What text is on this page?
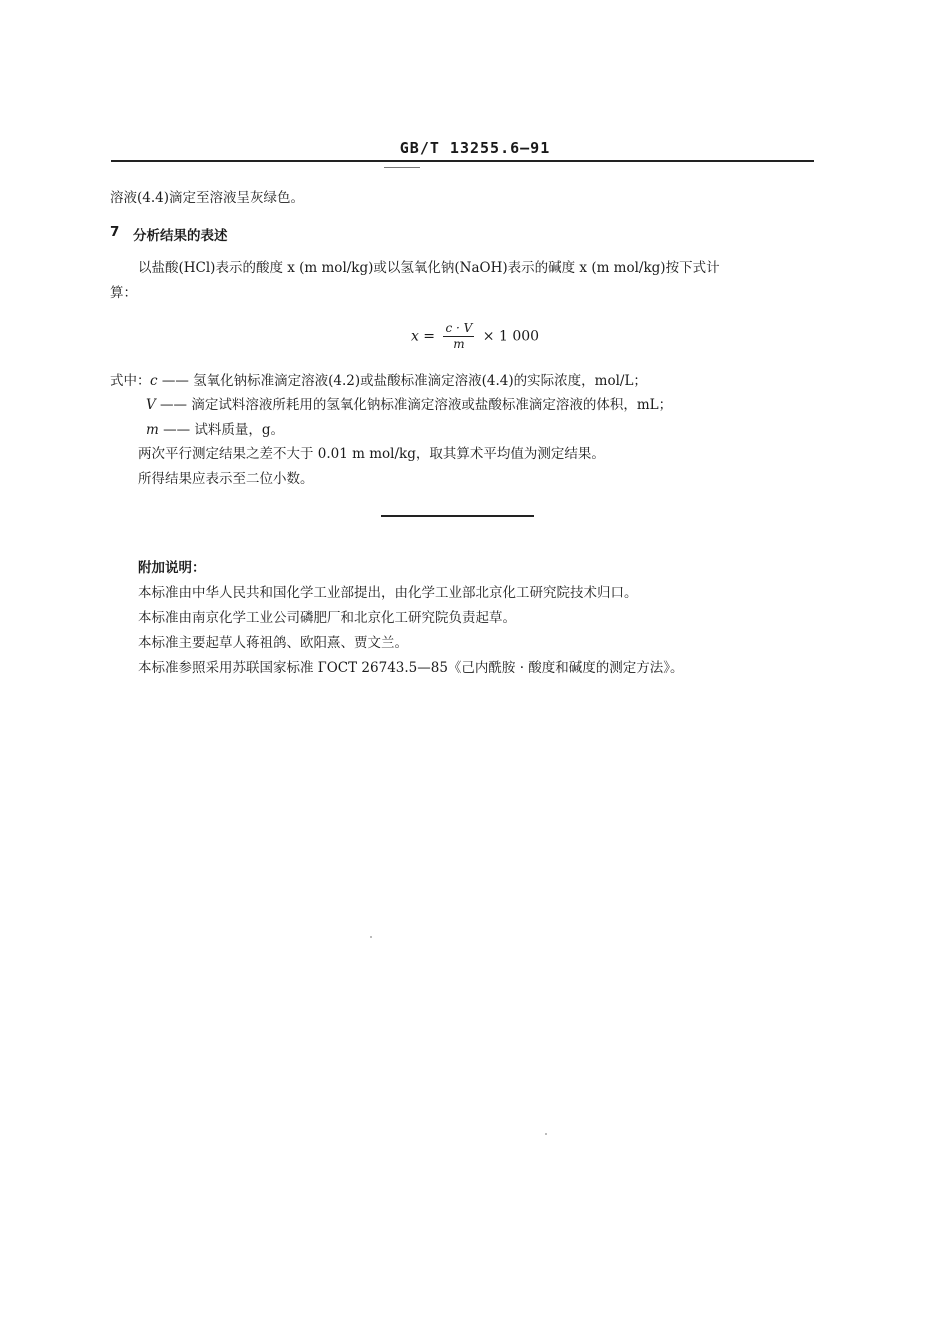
GB/T 13255.6—91
溶液(4.4)滴定至溶液呈灰绿色。
7 分析结果的表述
以盐酸(HCl)表示的酸度 x (m mol/kg)或以氢氧化钠(NaOH)表示的碱度 x (m mol/kg)按下式计
算：
$x = \frac{c \cdot V}{m} \times 1$ 000
式中： c —— 氢氧化钠标准滴定溶液(4.2)或盐酸标准滴定溶液(4.4)的实际浓度，mol/L；
V —— 滴定试料溶液所耗用的氢氧化钠标准滴定溶液或盐酸标准滴定溶液的体积，mL；
m —— 试料质量，g。
两次平行测定结果之差不大于 0.01 m mol/kg，取其算术平均值为测定结果。
所得结果应表示至二位小数。
附加说明：
本标准由中华人民共和国化学工业部提出，由化学工业部北京化工研究院技术归口。
本标准由南京化学工业公司磷肥厂和北京化工研究院负责起草。
本标准主要起草人蒋祖鸽、欧阳熹、贾文兰。
本标准参照采用苏联国家标准 ГОСТ 26743.5—85《己内酰胺 · 酸度和碱度的测定方法》。
